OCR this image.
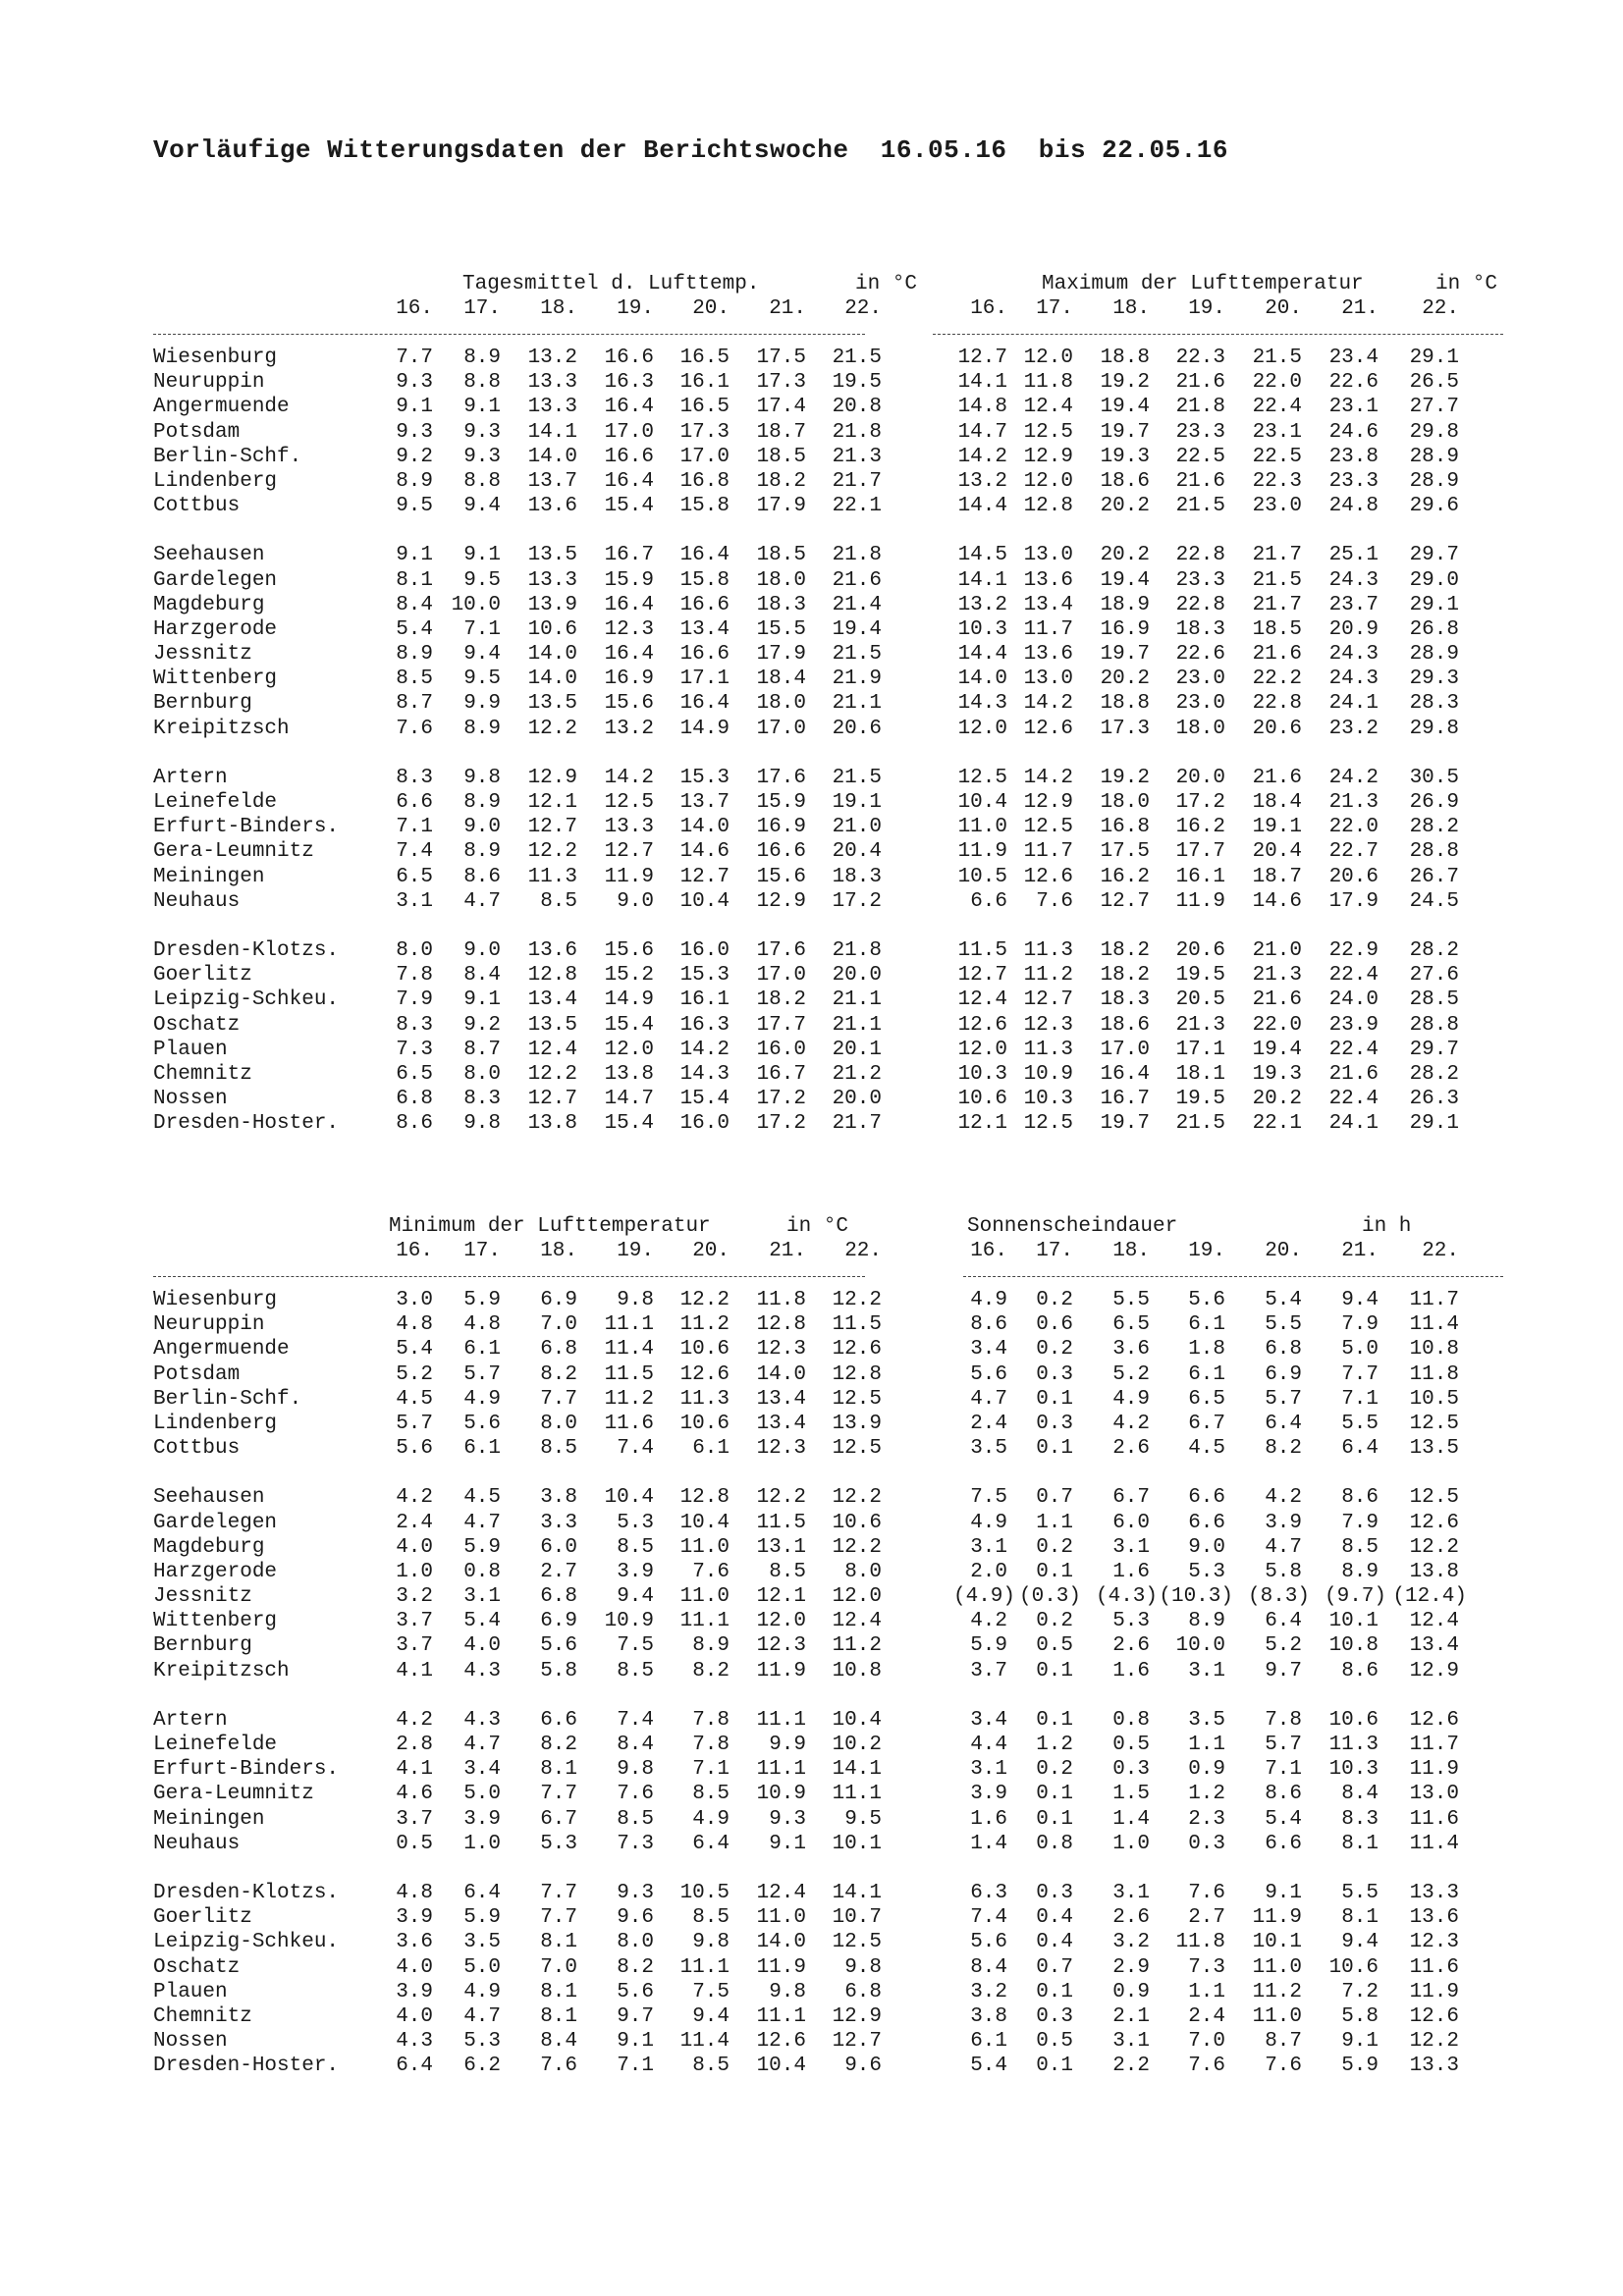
Vorläufige Witterungsdaten der Berichtswoche  16.05.16  bis 22.05.16

Tagesmittel d. Lufttemp.

	in °C

	Maximum der Lufttemperatur

	in °C

16. 17. 18. 19. 20. 21. 22.	16. 17. 18. 19. 20. 21. 22.
Wiesenburg	7.7 8.9 13.2 16.6 16.5 17.5 21.5	12.7 12.0 18.8 22.3 21.5 23.4 29.1
Neuruppin	9.3 8.8 13.3 16.3 16.1 17.3 19.5	14.1 11.8 19.2 21.6 22.0 22.6 26.5
Angermuende	9.1 9.1 13.3 16.4 16.5 17.4 20.8	14.8 12.4 19.4 21.8 22.4 23.1 27.7
Potsdam	9.3 9.3 14.1 17.0 17.3 18.7 21.8	14.7 12.5 19.7 23.3 23.1 24.6 29.8
Berlin-Schf.	9.2 9.3 14.0 16.6 17.0 18.5 21.3	14.2 12.9 19.3 22.5 22.5 23.8 28.9
Lindenberg	8.9 8.8 13.7 16.4 16.8 18.2 21.7	13.2 12.0 18.6 21.6 22.3 23.3 28.9
Cottbus	9.5 9.4 13.6 15.4 15.8 17.9 22.1	14.4 12.8 20.2 21.5 23.0 24.8 29.6
Seehausen	9.1 9.1 13.5 16.7 16.4 18.5 21.8	14.5 13.0 20.2 22.8 21.7 25.1 29.7
Gardelegen	8.1 9.5 13.3 15.9 15.8 18.0 21.6	14.1 13.6 19.4 23.3 21.5 24.3 29.0
Magdeburg	8.4 10.0 13.9 16.4 16.6 18.3 21.4	13.2 13.4 18.9 22.8 21.7 23.7 29.1
Harzgerode	5.4 7.1 10.6 12.3 13.4 15.5 19.4	10.3 11.7 16.9 18.3 18.5 20.9 26.8
Jessnitz	8.9 9.4 14.0 16.4 16.6 17.9 21.5	14.4 13.6 19.7 22.6 21.6 24.3 28.9
Wittenberg	8.5 9.5 14.0 16.9 17.1 18.4 21.9	14.0 13.0 20.2 23.0 22.2 24.3 29.3
Bernburg	8.7 9.9 13.5 15.6 16.4 18.0 21.1	14.3 14.2 18.8 23.0 22.8 24.1 28.3
Kreipitzsch	7.6 8.9 12.2 13.2 14.9 17.0 20.6	12.0 12.6 17.3 18.0 20.6 23.2 29.8
Artern	8.3 9.8 12.9 14.2 15.3 17.6 21.5	12.5 14.2 19.2 20.0 21.6 24.2 30.5
Leinefelde	6.6 8.9 12.1 12.5 13.7 15.9 19.1	10.4 12.9 18.0 17.2 18.4 21.3 26.9
Erfurt-Binders.	7.1 9.0 12.7 13.3 14.0 16.9 21.0	11.0 12.5 16.8 16.2 19.1 22.0 28.2
Gera-Leumnitz	7.4 8.9 12.2 12.7 14.6 16.6 20.4	11.9 11.7 17.5 17.7 20.4 22.7 28.8
Meiningen	6.5 8.6 11.3 11.9 12.7 15.6 18.3	10.5 12.6 16.2 16.1 18.7 20.6 26.7
Neuhaus	3.1 4.7 8.5 9.0 10.4 12.9 17.2	6.6 7.6 12.7 11.9 14.6 17.9 24.5
Dresden-Klotzs.	8.0 9.0 13.6 15.6 16.0 17.6 21.8	11.5 11.3 18.2 20.6 21.0 22.9 28.2
Goerlitz	7.8 8.4 12.8 15.2 15.3 17.0 20.0	12.7 11.2 18.2 19.5 21.3 22.4 27.6
Leipzig-Schkeu.	7.9 9.1 13.4 14.9 16.1 18.2 21.1	12.4 12.7 18.3 20.5 21.6 24.0 28.5
Oschatz	8.3 9.2 13.5 15.4 16.3 17.7 21.1	12.6 12.3 18.6 21.3 22.0 23.9 28.8
Plauen	7.3 8.7 12.4 12.0 14.2 16.0 20.1	12.0 11.3 17.0 17.1 19.4 22.4 29.7
Chemnitz	6.5 8.0 12.2 13.8 14.3 16.7 21.2	10.3 10.9 16.4 18.1 19.3 21.6 28.2
Nossen	6.8 8.3 12.7 14.7 15.4 17.2 20.0	10.6 10.3 16.7 19.5 20.2 22.4 26.3
Dresden-Hoster.	8.6 9.8 13.8 15.4 16.0 17.2 21.7	12.1 12.5 19.7 21.5 22.1 24.1 29.1

Minimum der Lufttemperatur

	in °C

	Sonnenscheindauer

	in h

16. 17. 18. 19. 20. 21. 22.	16. 17. 18. 19. 20. 21. 22.
Wiesenburg	3.0 5.9 6.9 9.8 12.2 11.8 12.2	4.9 0.2 5.5 5.6 5.4 9.4 11.7
Neuruppin	4.8 4.8 7.0 11.1 11.2 12.8 11.5	8.6 0.6 6.5 6.1 5.5 7.9 11.4
Angermuende	5.4 6.1 6.8 11.4 10.6 12.3 12.6	3.4 0.2 3.6 1.8 6.8 5.0 10.8
Potsdam	5.2 5.7 8.2 11.5 12.6 14.0 12.8	5.6 0.3 5.2 6.1 6.9 7.7 11.8
Berlin-Schf.	4.5 4.9 7.7 11.2 11.3 13.4 12.5	4.7 0.1 4.9 6.5 5.7 7.1 10.5
Lindenberg	5.7 5.6 8.0 11.6 10.6 13.4 13.9	2.4 0.3 4.2 6.7 6.4 5.5 12.5
Cottbus	5.6 6.1 8.5 7.4 6.1 12.3 12.5	3.5 0.1 2.6 4.5 8.2 6.4 13.5
Seehausen	4.2 4.5 3.8 10.4 12.8 12.2 12.2	7.5 0.7 6.7 6.6 4.2 8.6 12.5
Gardelegen	2.4 4.7 3.3 5.3 10.4 11.5 10.6	4.9 1.1 6.0 6.6 3.9 7.9 12.6
Magdeburg	4.0 5.9 6.0 8.5 11.0 13.1 12.2	3.1 0.2 3.1 9.0 4.7 8.5 12.2
Harzgerode	1.0 0.8 2.7 3.9 7.6 8.5 8.0	2.0 0.1 1.6 5.3 5.8 8.9 13.8
Jessnitz	3.2 3.1 6.8 9.4 11.0 12.1 12.0	(4.9) (0.3) (4.3) (10.3) (8.3) (9.7) (12.4)
Wittenberg	3.7 5.4 6.9 10.9 11.1 12.0 12.4	4.2 0.2 5.3 8.9 6.4 10.1 12.4
Bernburg	3.7 4.0 5.6 7.5 8.9 12.3 11.2	5.9 0.5 2.6 10.0 5.2 10.8 13.4
Kreipitzsch	4.1 4.3 5.8 8.5 8.2 11.9 10.8	3.7 0.1 1.6 3.1 9.7 8.6 12.9
Artern	4.2 4.3 6.6 7.4 7.8 11.1 10.4	3.4 0.1 0.8 3.5 7.8 10.6 12.6
Leinefelde	2.8 4.7 8.2 8.4 7.8 9.9 10.2	4.4 1.2 0.5 1.1 5.7 11.3 11.7
Erfurt-Binders.	4.1 3.4 8.1 9.8 7.1 11.1 14.1	3.1 0.2 0.3 0.9 7.1 10.3 11.9
Gera-Leumnitz	4.6 5.0 7.7 7.6 8.5 10.9 11.1	3.9 0.1 1.5 1.2 8.6 8.4 13.0
Meiningen	3.7 3.9 6.7 8.5 4.9 9.3 9.5	1.6 0.1 1.4 2.3 5.4 8.3 11.6
Neuhaus	0.5 1.0 5.3 7.3 6.4 9.1 10.1	1.4 0.8 1.0 0.3 6.6 8.1 11.4
Dresden-Klotzs.	4.8 6.4 7.7 9.3 10.5 12.4 14.1	6.3 0.3 3.1 7.6 9.1 5.5 13.3
Goerlitz	3.9 5.9 7.7 9.6 8.5 11.0 10.7	7.4 0.4 2.6 2.7 11.9 8.1 13.6
Leipzig-Schkeu.	3.6 3.5 8.1 8.0 9.8 14.0 12.5	5.6 0.4 3.2 11.8 10.1 9.4 12.3
Oschatz	4.0 5.0 7.0 8.2 11.1 11.9 9.8	8.4 0.7 2.9 7.3 11.0 10.6 11.6
Plauen	3.9 4.9 8.1 5.6 7.5 9.8 6.8	3.2 0.1 0.9 1.1 11.2 7.2 11.9
Chemnitz	4.0 4.7 8.1 9.7 9.4 11.1 12.9	3.8 0.3 2.1 2.4 11.0 5.8 12.6
Nossen	4.3 5.3 8.4 9.1 11.4 12.6 12.7	6.1 0.5 3.1 7.0 8.7 9.1 12.2
Dresden-Hoster.	6.4 6.2 7.6 7.1 8.5 10.4 9.6	5.4 0.1 2.2 7.6 7.6 5.9 13.3
